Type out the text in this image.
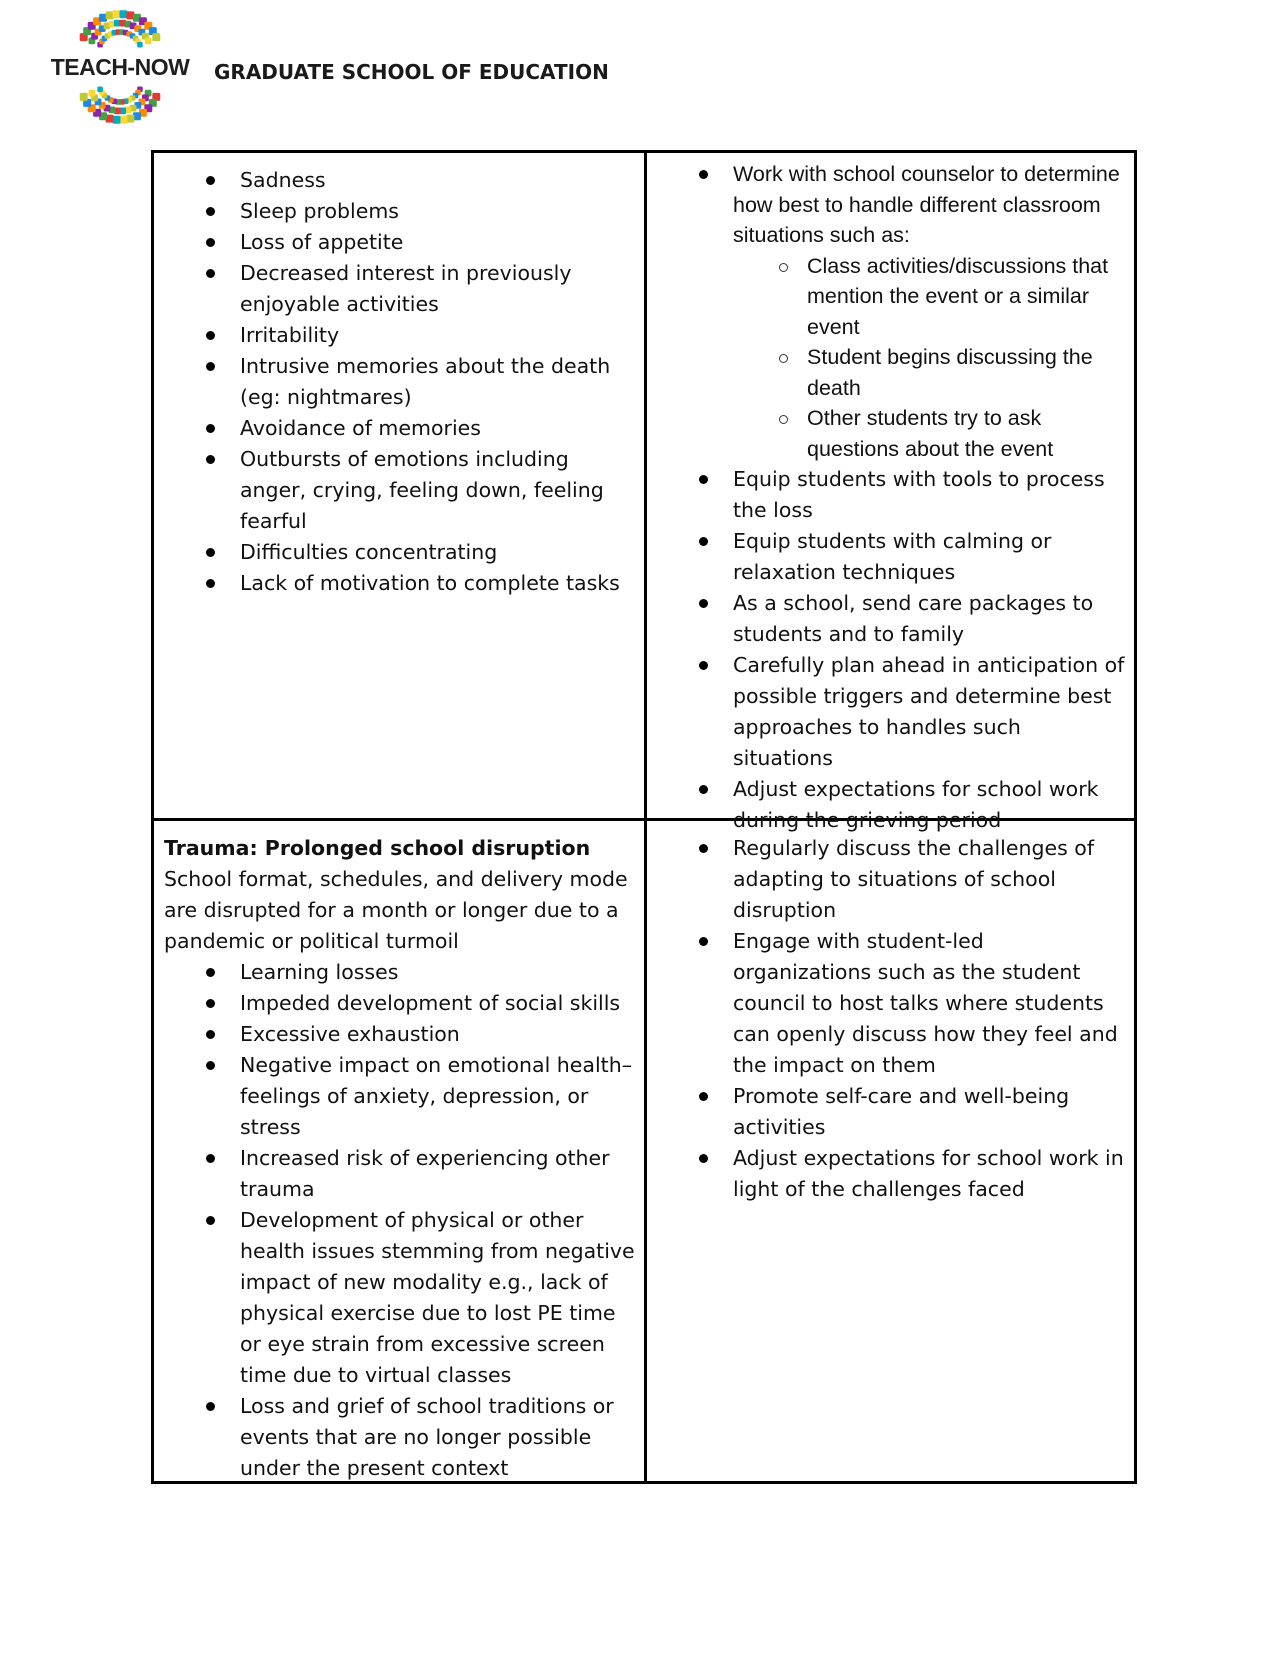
TEACH-NOW	GRADUATE SCHOOL OF EDUCATION
Sadness
Sleep problems
Loss of appetite
Decreased interest in previously enjoyable activities
Irritability
Intrusive memories about the death (eg: nightmares)
Avoidance of memories
Outbursts of emotions including anger, crying, feeling down, feeling fearful
Difficulties concentrating
Lack of motivation to complete tasks
Work with school counselor to determine how best to handle different classroom situations such as:
Class activities/discussions that mention the event or a similar event
Student begins discussing the death
Other students try to ask questions about the event
Equip students with tools to process the loss
Equip students with calming or relaxation techniques
As a school, send care packages to students and to family
Carefully plan ahead in anticipation of possible triggers and determine best approaches to handles such situations
Adjust expectations for school work during the grieving period
Trauma: Prolonged school disruption
School format, schedules, and delivery mode are disrupted for a month or longer due to a pandemic or political turmoil
Learning losses
Impeded development of social skills
Excessive exhaustion
Negative impact on emotional health–feelings of anxiety, depression, or stress
Increased risk of experiencing other trauma
Development of physical or other health issues stemming from negative impact of new modality e.g., lack of physical exercise due to lost PE time or eye strain from excessive screen time due to virtual classes
Loss and grief of school traditions or events that are no longer possible under the present context
Regularly discuss the challenges of adapting to situations of school disruption
Engage with student-led organizations such as the student council to host talks where students can openly discuss how they feel and the impact on them
Promote self-care and well-being activities
Adjust expectations for school work in light of the challenges faced
